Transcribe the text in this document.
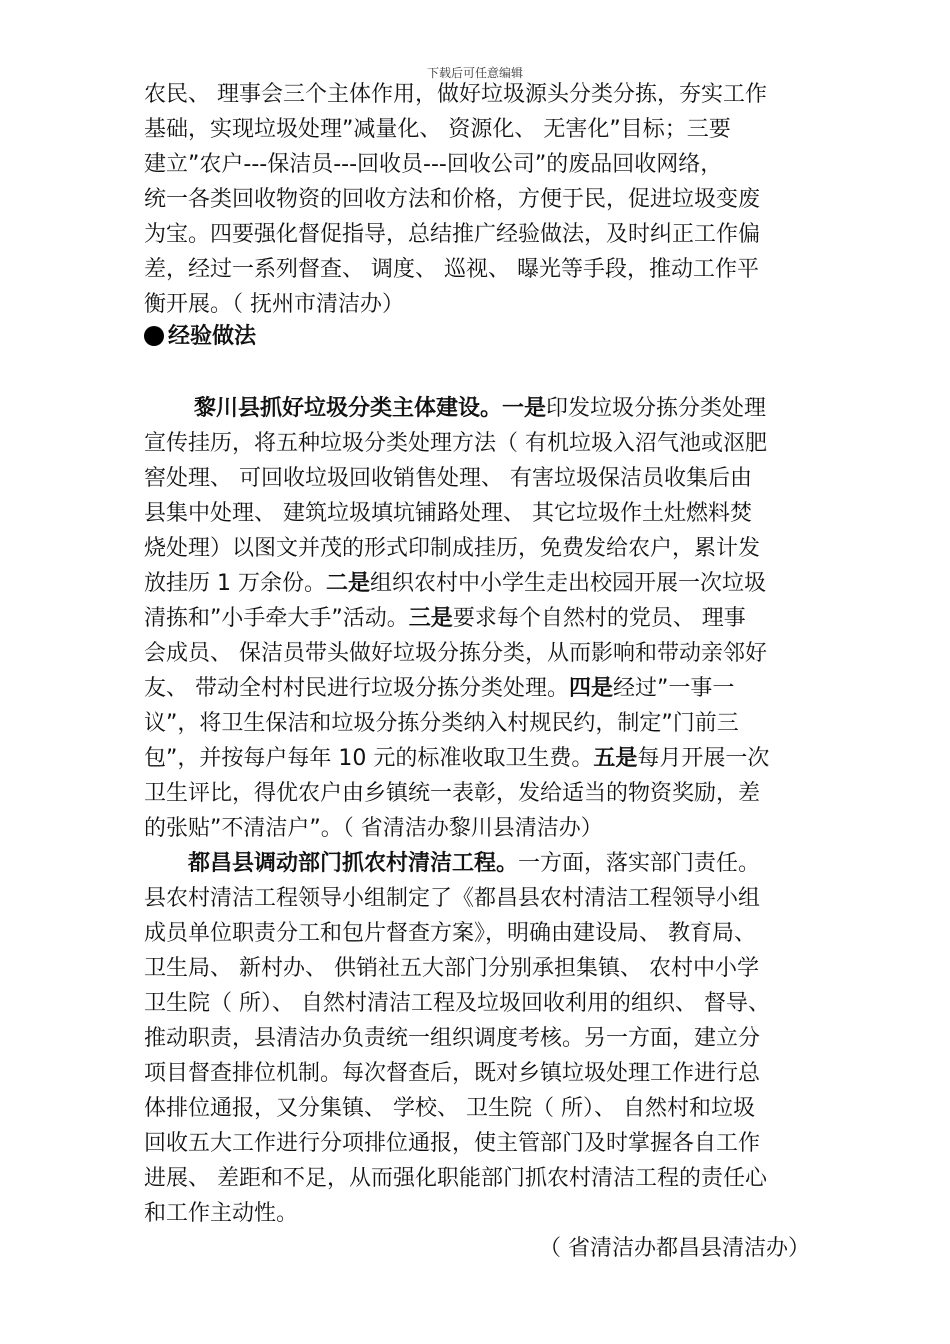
下载后可任意编辑
农民、 理事会三个主体作用，做好垃圾源头分类分拣，夯实工作
基础，实现垃圾处理”减量化、 资源化、 无害化”目标；三要
建立”农户---保洁员---回收员---回收公司”的废品回收网络，
统一各类回收物资的回收方法和价格，方便于民，促进垃圾变废
为宝。四要强化督促指导，总结推广经验做法，及时纠正工作偏
差，经过一系列督查、 调度、 巡视、 曝光等手段，推动工作平
衡开展。（ 抚州市清洁办）
经验做法
黎川县抓好垃圾分类主体建设。一是印发垃圾分拣分类处理
宣传挂历，将五种垃圾分类处理方法（ 有机垃圾入沼气池或沤肥
窖处理、 可回收垃圾回收销售处理、 有害垃圾保洁员收集后由
县集中处理、 建筑垃圾填坑铺路处理、 其它垃圾作土灶燃料焚
烧处理）以图文并茂的形式印制成挂历，免费发给农户，累计发
放挂历 1 万余份。二是组织农村中小学生走出校园开展一次垃圾
清拣和”小手牵大手”活动。三是要求每个自然村的党员、 理事
会成员、 保洁员带头做好垃圾分拣分类，从而影响和带动亲邻好
友、 带动全村村民进行垃圾分拣分类处理。四是经过”一事一
议”，将卫生保洁和垃圾分拣分类纳入村规民约，制定”门前三
包”，并按每户每年 10 元的标准收取卫生费。五是每月开展一次
卫生评比，得优农户由乡镇统一表彰，发给适当的物资奖励，差
的张贴”不清洁户”。（ 省清洁办黎川县清洁办）
都昌县调动部门抓农村清洁工程。一方面，落实部门责任。
县农村清洁工程领导小组制定了《都昌县农村清洁工程领导小组
成员单位职责分工和包片督查方案》，明确由建设局、 教育局、
卫生局、 新村办、 供销社五大部门分别承担集镇、 农村中小学
卫生院（ 所）、 自然村清洁工程及垃圾回收利用的组织、 督导、
推动职责，县清洁办负责统一组织调度考核。另一方面，建立分
项目督查排位机制。每次督查后，既对乡镇垃圾处理工作进行总
体排位通报，又分集镇、 学校、 卫生院（ 所）、 自然村和垃圾
回收五大工作进行分项排位通报，使主管部门及时掌握各自工作
进展、 差距和不足，从而强化职能部门抓农村清洁工程的责任心
和工作主动性。
（ 省清洁办都昌县清洁办）
